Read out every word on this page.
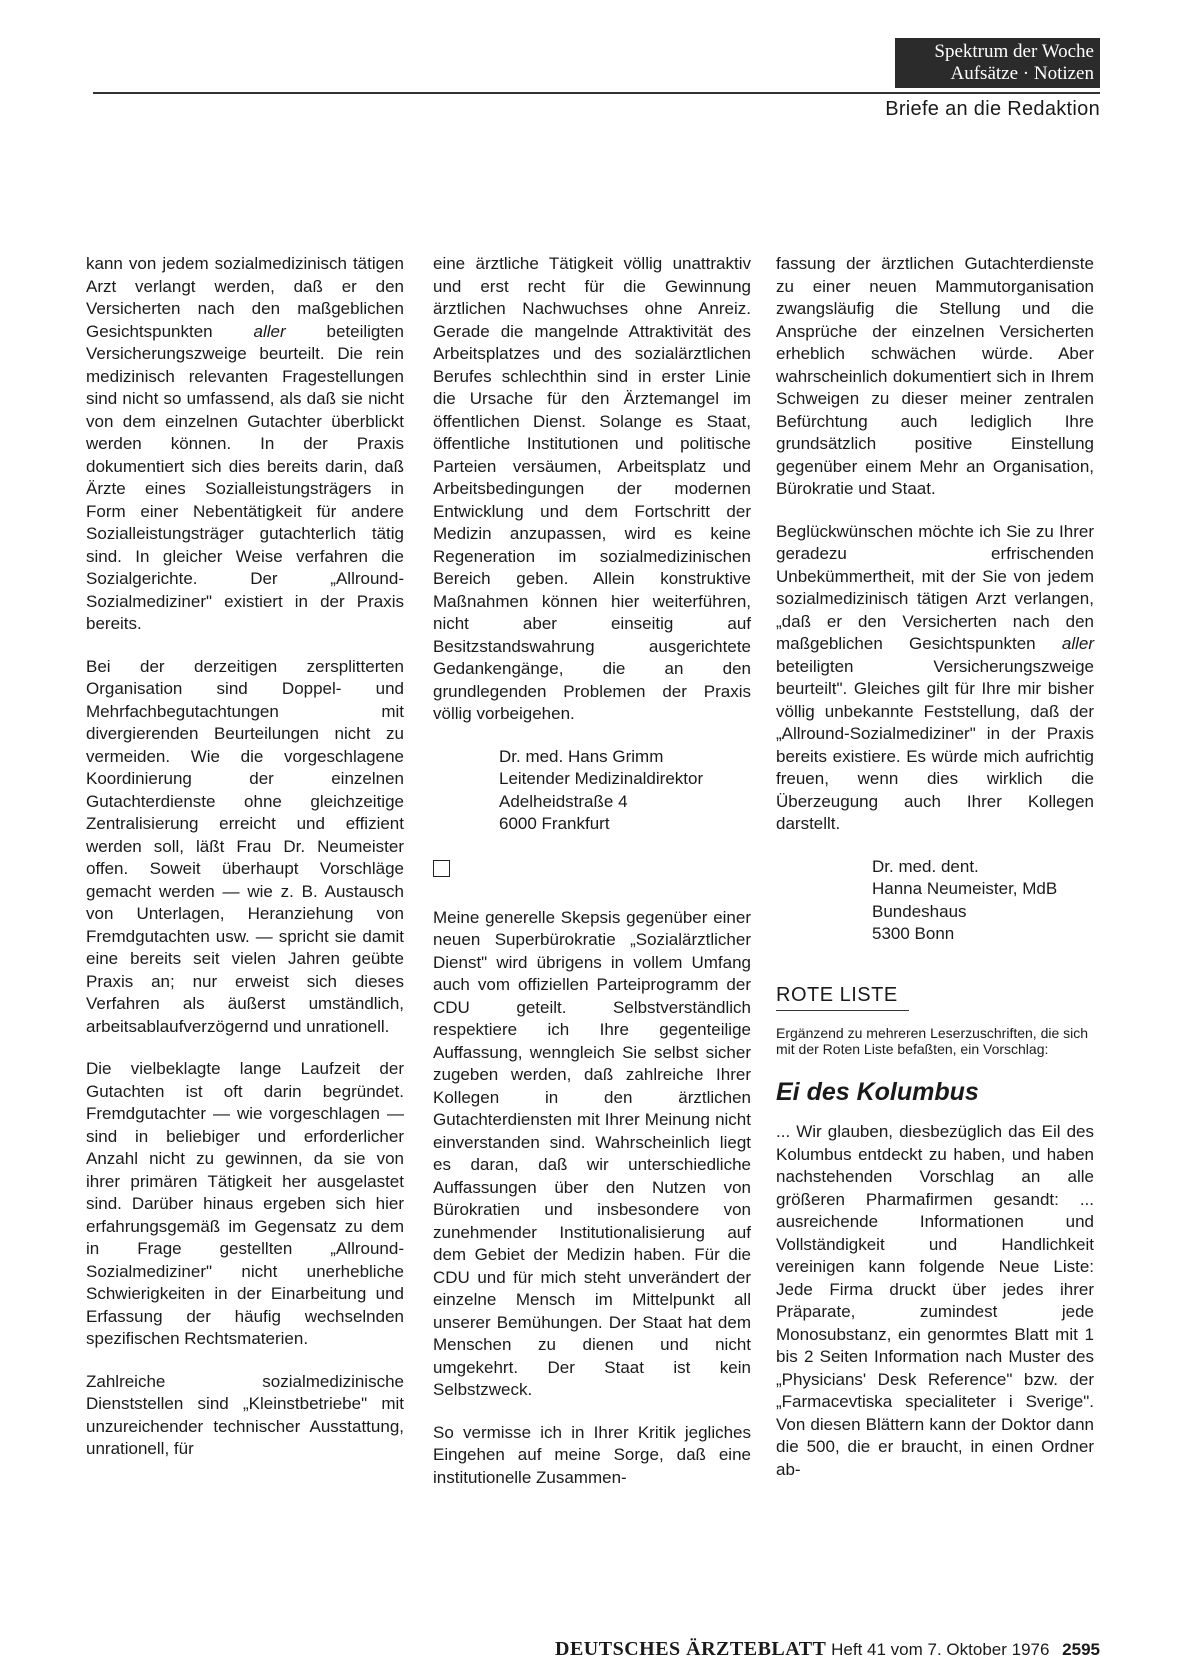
Spektrum der Woche
Aufsätze · Notizen
Briefe an die Redaktion

kann von jedem sozialmedizinisch tätigen Arzt verlangt werden, daß er den Versicherten nach den maßgeblichen Gesichtspunkten aller beteiligten Versicherungszweige beurteilt. Die rein medizinisch relevanten Fragestellungen sind nicht so umfassend, als daß sie nicht von dem einzelnen Gutachter überblickt werden können. In der Praxis dokumentiert sich dies bereits darin, daß Ärzte eines Sozialleistungsträgers in Form einer Nebentätigkeit für andere Sozialleistungsträger gutachterlich tätig sind. In gleicher Weise verfahren die Sozialgerichte. Der „Allround-Sozialmediziner" existiert in der Praxis bereits.

Bei der derzeitigen zersplitterten Organisation sind Doppel- und Mehrfachbegutachtungen mit divergierenden Beurteilungen nicht zu vermeiden. Wie die vorgeschlagene Koordinierung der einzelnen Gutachterdienste ohne gleichzeitige Zentralisierung erreicht und effizient werden soll, läßt Frau Dr. Neumeister offen. Soweit überhaupt Vorschläge gemacht werden — wie z. B. Austausch von Unterlagen, Heranziehung von Fremdgutachten usw. — spricht sie damit eine bereits seit vielen Jahren geübte Praxis an; nur erweist sich dieses Verfahren als äußerst umständlich, arbeitsablaufverzögernd und unrationell.

Die vielbeklagte lange Laufzeit der Gutachten ist oft darin begründet. Fremdgutachter — wie vorgeschlagen — sind in beliebiger und erforderlicher Anzahl nicht zu gewinnen, da sie von ihrer primären Tätigkeit her ausgelastet sind. Darüber hinaus ergeben sich hier erfahrungsgemäß im Gegensatz zu dem in Frage gestellten „Allround-Sozialmediziner" nicht unerhebliche Schwierigkeiten in der Einarbeitung und Erfassung der häufig wechselnden spezifischen Rechtsmaterien.

Zahlreiche sozialmedizinische Dienststellen sind „Kleinstbetriebe" mit unzureichender technischer Ausstattung, unrationell, für

eine ärztliche Tätigkeit völlig unattraktiv und erst recht für die Gewinnung ärztlichen Nachwuchses ohne Anreiz. Gerade die mangelnde Attraktivität des Arbeitsplatzes und des sozialärztlichen Berufes schlechthin sind in erster Linie die Ursache für den Ärztemangel im öffentlichen Dienst. Solange es Staat, öffentliche Institutionen und politische Parteien versäumen, Arbeitsplatz und Arbeitsbedingungen der modernen Entwicklung und dem Fortschritt der Medizin anzupassen, wird es keine Regeneration im sozialmedizinischen Bereich geben. Allein konstruktive Maßnahmen können hier weiterführen, nicht aber einseitig auf Besitzstandswahrung ausgerichtete Gedankengänge, die an den grundlegenden Problemen der Praxis völlig vorbeigehen.

Dr. med. Hans Grimm
Leitender Medizinaldirektor
Adelheidstraße 4
6000 Frankfurt

Meine generelle Skepsis gegenüber einer neuen Superbürokratie „Sozialärztlicher Dienst" wird übrigens in vollem Umfang auch vom offiziellen Parteiprogramm der CDU geteilt. Selbstverständlich respektiere ich Ihre gegenteilige Auffassung, wenngleich Sie selbst sicher zugeben werden, daß zahlreiche Ihrer Kollegen in den ärztlichen Gutachterdiensten mit Ihrer Meinung nicht einverstanden sind. Wahrscheinlich liegt es daran, daß wir unterschiedliche Auffassungen über den Nutzen von Bürokratien und insbesondere von zunehmender Institutionalisierung auf dem Gebiet der Medizin haben. Für die CDU und für mich steht unverändert der einzelne Mensch im Mittelpunkt all unserer Bemühungen. Der Staat hat dem Menschen zu dienen und nicht umgekehrt. Der Staat ist kein Selbstzweck.

So vermisse ich in Ihrer Kritik jegliches Eingehen auf meine Sorge, daß eine institutionelle Zusammen-

fassung der ärztlichen Gutachterdienste zu einer neuen Mammutorganisation zwangsläufig die Stellung und die Ansprüche der einzelnen Versicherten erheblich schwächen würde. Aber wahrscheinlich dokumentiert sich in Ihrem Schweigen zu dieser meiner zentralen Befürchtung auch lediglich Ihre grundsätzlich positive Einstellung gegenüber einem Mehr an Organisation, Bürokratie und Staat.

Beglückwünschen möchte ich Sie zu Ihrer geradezu erfrischenden Unbekümmertheit, mit der Sie von jedem sozialmedizinisch tätigen Arzt verlangen, „daß er den Versicherten nach den maßgeblichen Gesichtspunkten aller beteiligten Versicherungszweige beurteilt". Gleiches gilt für Ihre mir bisher völlig unbekannte Feststellung, daß der „Allround-Sozialmediziner" in der Praxis bereits existiere. Es würde mich aufrichtig freuen, wenn dies wirklich die Überzeugung auch Ihrer Kollegen darstellt.

Dr. med. dent.
Hanna Neumeister, MdB
Bundeshaus
5300 Bonn
ROTE LISTE

Ergänzend zu mehreren Leserzuschriften, die sich mit der Roten Liste befaßten, ein Vorschlag:

Ei des Kolumbus

... Wir glauben, diesbezüglich das Eil des Kolumbus entdeckt zu haben, und haben nachstehenden Vorschlag an alle größeren Pharmafirmen gesandt: ... ausreichende Informationen und Vollständigkeit und Handlichkeit vereinigen kann folgende Neue Liste: Jede Firma druckt über jedes ihrer Präparate, zumindest jede Monosubstanz, ein genormtes Blatt mit 1 bis 2 Seiten Information nach Muster des „Physicians' Desk Reference" bzw. der „Farmacevtiska specialiteter i Sverige". Von diesen Blättern kann der Doktor dann die 500, die er braucht, in einen Ordner ab-

DEUTSCHES ÄRZTEBLATT Heft 41 vom 7. Oktober 1976 2595
